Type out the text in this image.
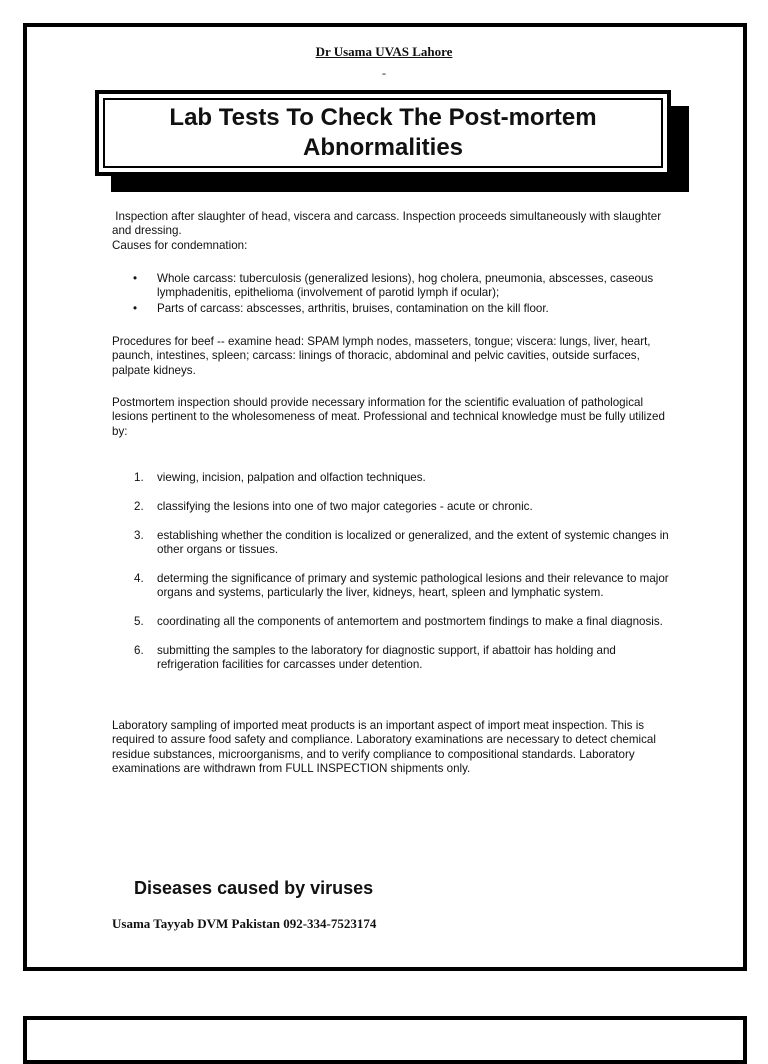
Dr Usama UVAS Lahore
-
Lab Tests To Check The Post-mortem
Abnormalities
Inspection after slaughter of head, viscera and carcass. Inspection proceeds simultaneously with slaughter and dressing.
Causes for condemnation:
• Whole carcass: tuberculosis (generalized lesions), hog cholera, pneumonia, abscesses, caseous lymphadenitis, epithelioma (involvement of parotid lymph if ocular);
• Parts of carcass: abscesses, arthritis, bruises, contamination on the kill floor.
Procedures for beef -- examine head: SPAM lymph nodes, masseters, tongue; viscera: lungs, liver, heart, paunch, intestines, spleen; carcass: linings of thoracic, abdominal and pelvic cavities, outside surfaces, palpate kidneys.
Postmortem inspection should provide necessary information for the scientific evaluation of pathological lesions pertinent to the wholesomeness of meat. Professional and technical knowledge must be fully utilized by:
1. viewing, incision, palpation and olfaction techniques.
2. classifying the lesions into one of two major categories - acute or chronic.
3. establishing whether the condition is localized or generalized, and the extent of systemic changes in other organs or tissues.
4. determing the significance of primary and systemic pathological lesions and their relevance to major organs and systems, particularly the liver, kidneys, heart, spleen and lymphatic system.
5. coordinating all the components of antemortem and postmortem findings to make a final diagnosis.
6. submitting the samples to the laboratory for diagnostic support, if abattoir has holding and refrigeration facilities for carcasses under detention.
Laboratory sampling of imported meat products is an important aspect of import meat inspection. This is required to assure food safety and compliance. Laboratory examinations are necessary to detect chemical residue substances, microorganisms, and to verify compliance to compositional standards. Laboratory examinations are withdrawn from FULL INSPECTION shipments only.
Diseases caused by viruses
Usama Tayyab DVM Pakistan 092-334-7523174
